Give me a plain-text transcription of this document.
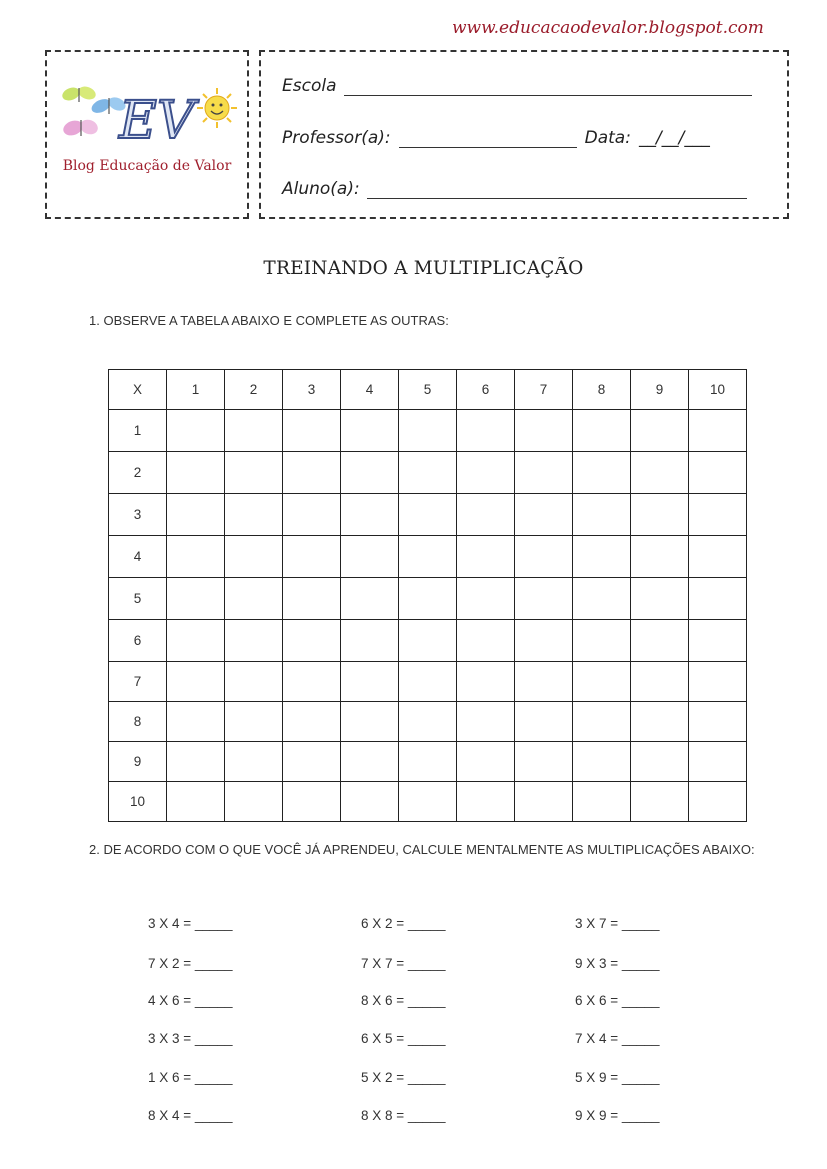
www.educacaodevalor.blogspot.com
EV
Blog Educação de Valor
Escola
Professor(a):	Data: __/__/___
Aluno(a):
TREINANDO A MULTIPLICAÇÃO
1. OBSERVE A TABELA ABAIXO E COMPLETE AS OUTRAS:
X	1	2	3	4	5	6	7	8	9	10
1										
2										
3										
4										
5										
6										
7										
8										
9										
10										
2. DE ACORDO COM O QUE VOCÊ JÁ APRENDEU, CALCULE MENTALMENTE AS MULTIPLICAÇÕES ABAIXO:
3 X 4 = _____
7 X 2 = _____
4 X 6 = _____
3 X 3 = _____
1 X 6 = _____
8 X 4 = _____
6 X 2 = _____
7 X 7 = _____
8 X 6 = _____
6 X 5 = _____
5 X 2 = _____
8 X 8 = _____
3 X 7 = _____
9 X 3 = _____
6 X 6 = _____
7 X 4 = _____
5 X 9 = _____
9 X 9 = _____
